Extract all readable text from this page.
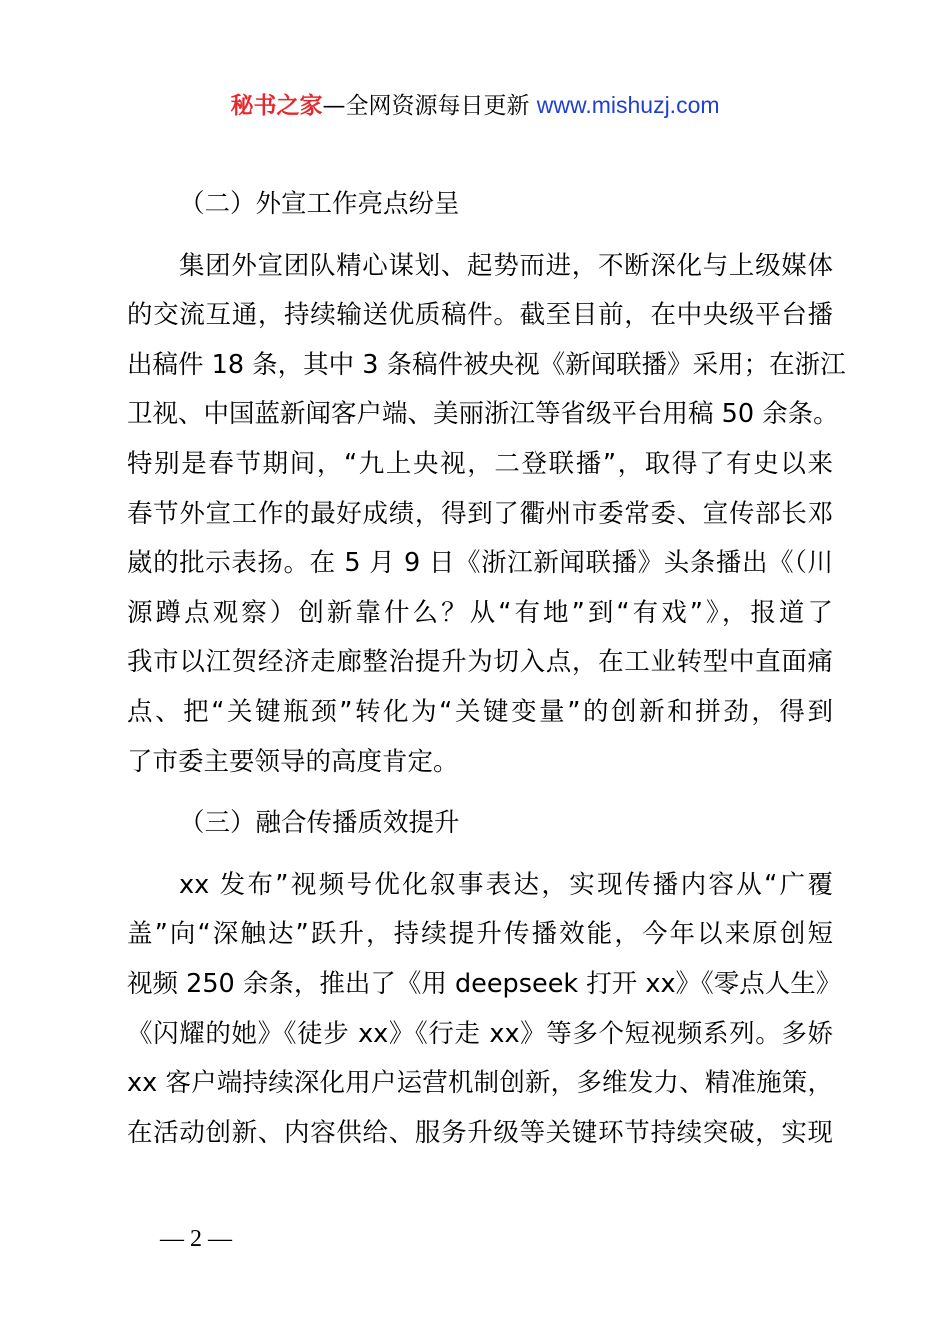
秘书之家—全网资源每日更新 www.mishuzj.com
（二）外宣工作亮点纷呈
集团外宣团队精心谋划、起势而进，不断深化与上级媒体
的交流互通，持续输送优质稿件。截至目前，在中央级平台播
出稿件 18 条，其中 3 条稿件被央视《新闻联播》采用；在浙江
卫视、中国蓝新闻客户端、美丽浙江等省级平台用稿 50 余条。
特别是春节期间，“九上央视，二登联播”，取得了有史以来
春节外宣工作的最好成绩，得到了衢州市委常委、宣传部长邓
崴的批示表扬。在 5 月 9 日《浙江新闻联播》头条播出《（川
源蹲点观察）创新靠什么？从“有地”到“有戏”》，报道了
我市以江贺经济走廊整治提升为切入点，在工业转型中直面痛
点、把“关键瓶颈”转化为“关键变量”的创新和拼劲，得到
了市委主要领导的高度肯定。
（三）融合传播质效提升
xx 发布”视频号优化叙事表达，实现传播内容从“广覆
盖”向“深触达”跃升，持续提升传播效能，今年以来原创短
视频 250 余条，推出了《用 deepseek 打开 xx》《零点人生》
《闪耀的她》《徒步 xx》《行走 xx》等多个短视频系列。多娇
xx 客户端持续深化用户运营机制创新，多维发力、精准施策，
在活动创新、内容供给、服务升级等关键环节持续突破，实现
— 2 —
